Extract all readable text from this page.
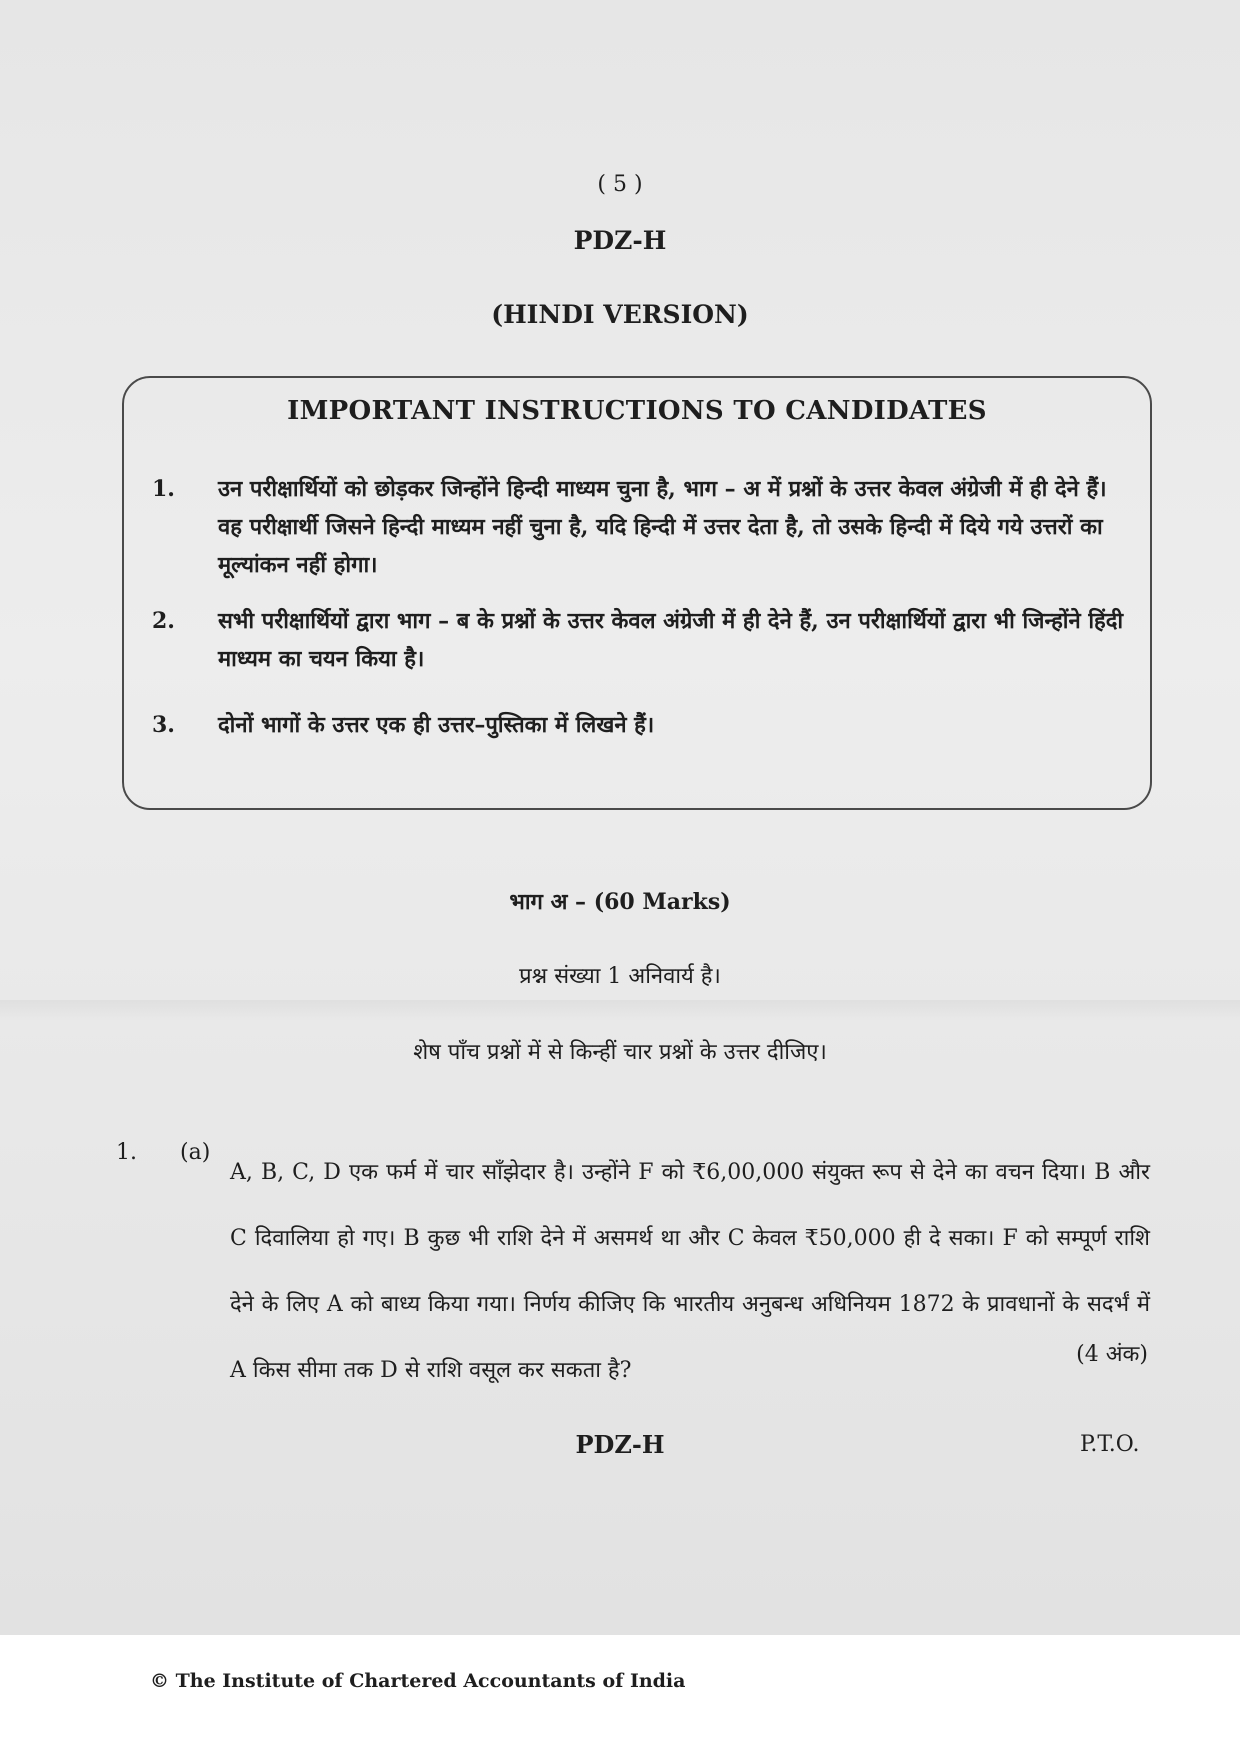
( 5 )
PDZ-H
(HINDI VERSION)
IMPORTANT INSTRUCTIONS TO CANDIDATES
1.	उन परीक्षार्थियों को छोड़कर जिन्होंने हिन्दी माध्यम चुना है, भाग – अ में प्रश्नों के उत्तर केवल अंग्रेजी में ही देने हैं। वह परीक्षार्थी जिसने हिन्दी माध्यम नहीं चुना है, यदि हिन्दी में उत्तर देता है, तो उसके हिन्दी में दिये गये उत्तरों का मूल्यांकन नहीं होगा।
2.	सभी परीक्षार्थियों द्वारा भाग – ब के प्रश्नों के उत्तर केवल अंग्रेजी में ही देने हैं, उन परीक्षार्थियों द्वारा भी जिन्होंने हिंदी माध्यम का चयन किया है।
3.	दोनों भागों के उत्तर एक ही उत्तर–पुस्तिका में लिखने हैं।
भाग अ – (60 Marks)
प्रश्न संख्या 1 अनिवार्य है।
शेष पाँच प्रश्नों में से किन्हीं चार प्रश्नों के उत्तर दीजिए।
1. (a)
A, B, C, D एक फर्म में चार साँझेदार है। उन्होंने F को ₹6,00,000 संयुक्त रूप से देने का वचन दिया। B और C दिवालिया हो गए। B कुछ भी राशि देने में असमर्थ था और C केवल ₹50,000 ही दे सका। F को सम्पूर्ण राशि देने के लिए A को बाध्य किया गया। निर्णय कीजिए कि भारतीय अनुबन्ध अधिनियम 1872 के प्रावधानों के सदर्भं में A किस सीमा तक D से राशि वसूल कर सकता है?
(4 अंक)
PDZ-H	P.T.O.
© The Institute of Chartered Accountants of India
